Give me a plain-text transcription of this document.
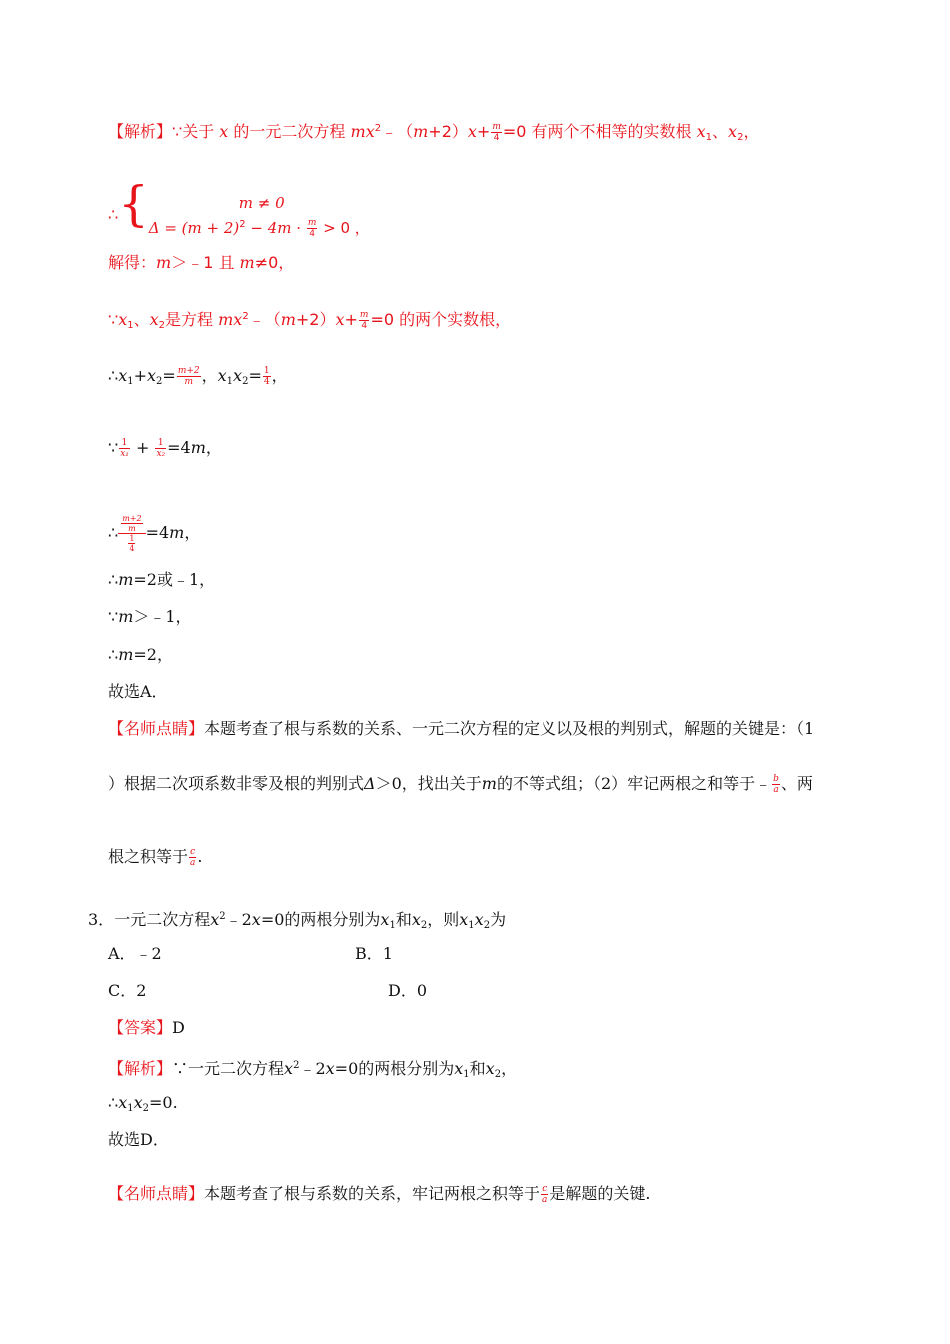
【解析】∵关于 x 的一元二次方程 $mx^2﹣(m+2)x+ \frac{m}{4} =0$ 有两个不相等的实数根 $x_1$、$x_2$，
∴{	m ≠ 0
$\Delta = (m + 2)^2 - 4m \cdot \frac{m}{4} > 0$ ，
解得：m＞﹣1 且 m≠0，
$\because x_1$、$x_2$是方程 $mx^2﹣(m+2)x+ \frac{m}{4} =0$ 的两个实数根，
$\therefore x_1+x_2= \frac{m+2}{m}$ ，$x_1x_2= \frac{1}{4}$ ，
∵ $\frac{1}{\text{x₁}} + \frac{1}{\text{x₂}} =4m$，
∴ $\frac{\frac{m+2}{m}}{\frac{1}{4}} =4m$，
∴m=2或﹣1，
∵m＞﹣1，
∴m=2，
故选A．
【名师点睛】本题考查了根与系数的关系、一元二次方程的定义以及根的判别式，解题的关键是：（1
）根据二次项系数非零及根的判别式Δ＞0，找出关于m的不等式组；（2）牢记两根之和等于﹣ $\frac{b}{a}$ 、两
根之积等于 $\frac{c}{a}$ .
3．一元二次方程$x^2﹣2x=0$的两根分别为$x_1$和$x_2$，则$x_1x_2$为
A．﹣2	B．1
C．2	D．0
【答案】D
【解析】∵一元二次方程$x^2﹣2x=0$的两根分别为$x_1$和$x_2$，
$\therefore x_1x_2=0$.
故选D．
【名师点睛】本题考查了根与系数的关系，牢记两根之积等于 $\frac{c}{a}$ 是解题的关键.
